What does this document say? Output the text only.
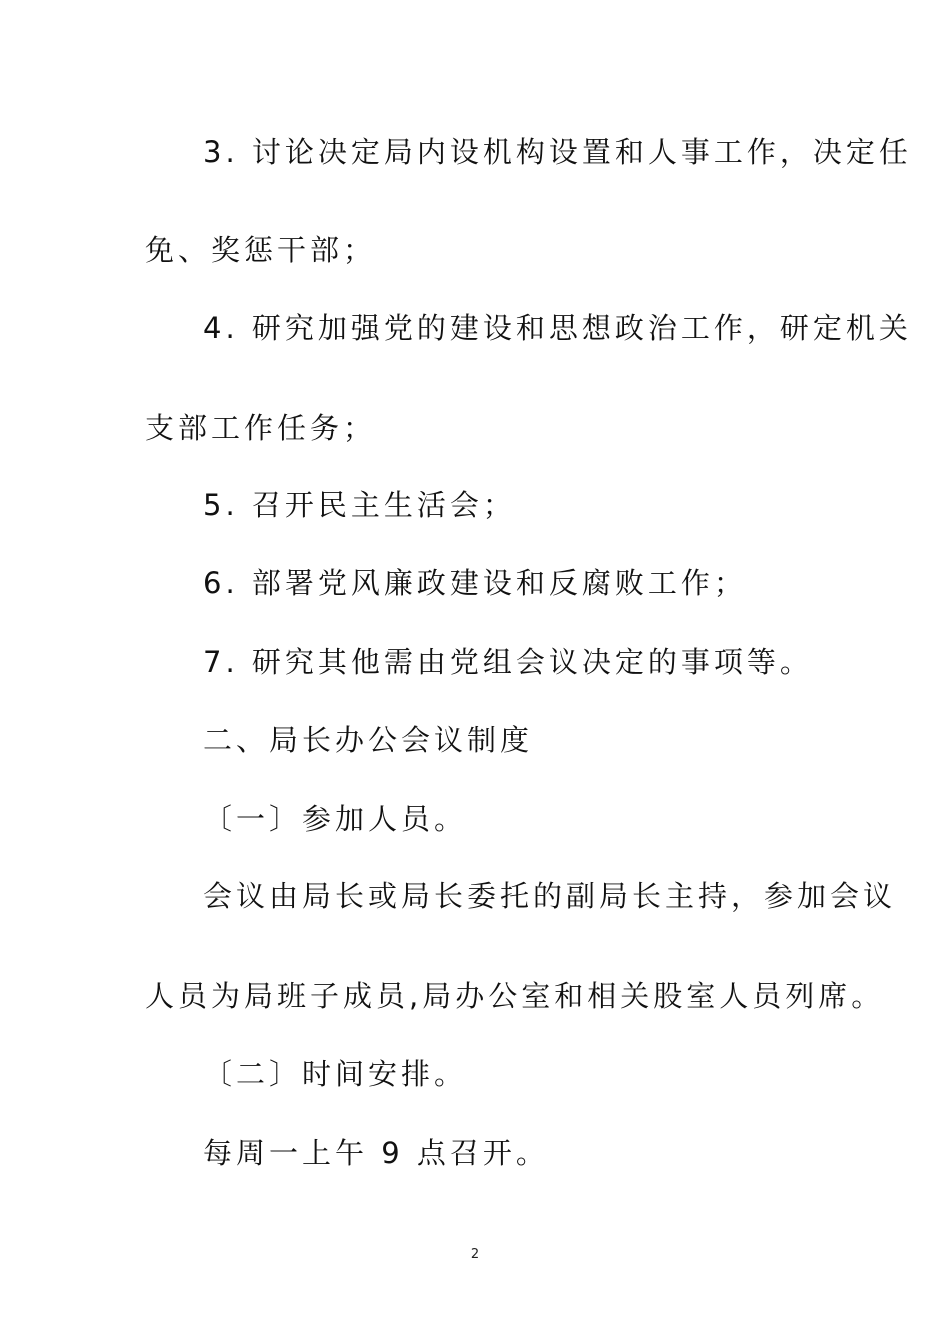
3. 讨论决定局内设机构设置和人事工作，决定任
免、奖惩干部；
4. 研究加强党的建设和思想政治工作，研定机关
支部工作任务；
5. 召开民主生活会；
6. 部署党风廉政建设和反腐败工作；
7. 研究其他需由党组会议决定的事项等。
二、局长办公会议制度
〔一〕参加人员。
会议由局长或局长委托的副局长主持，参加会议
人员为局班子成员,局办公室和相关股室人员列席。
〔二〕时间安排。
每周一上午 9 点召开。
2
